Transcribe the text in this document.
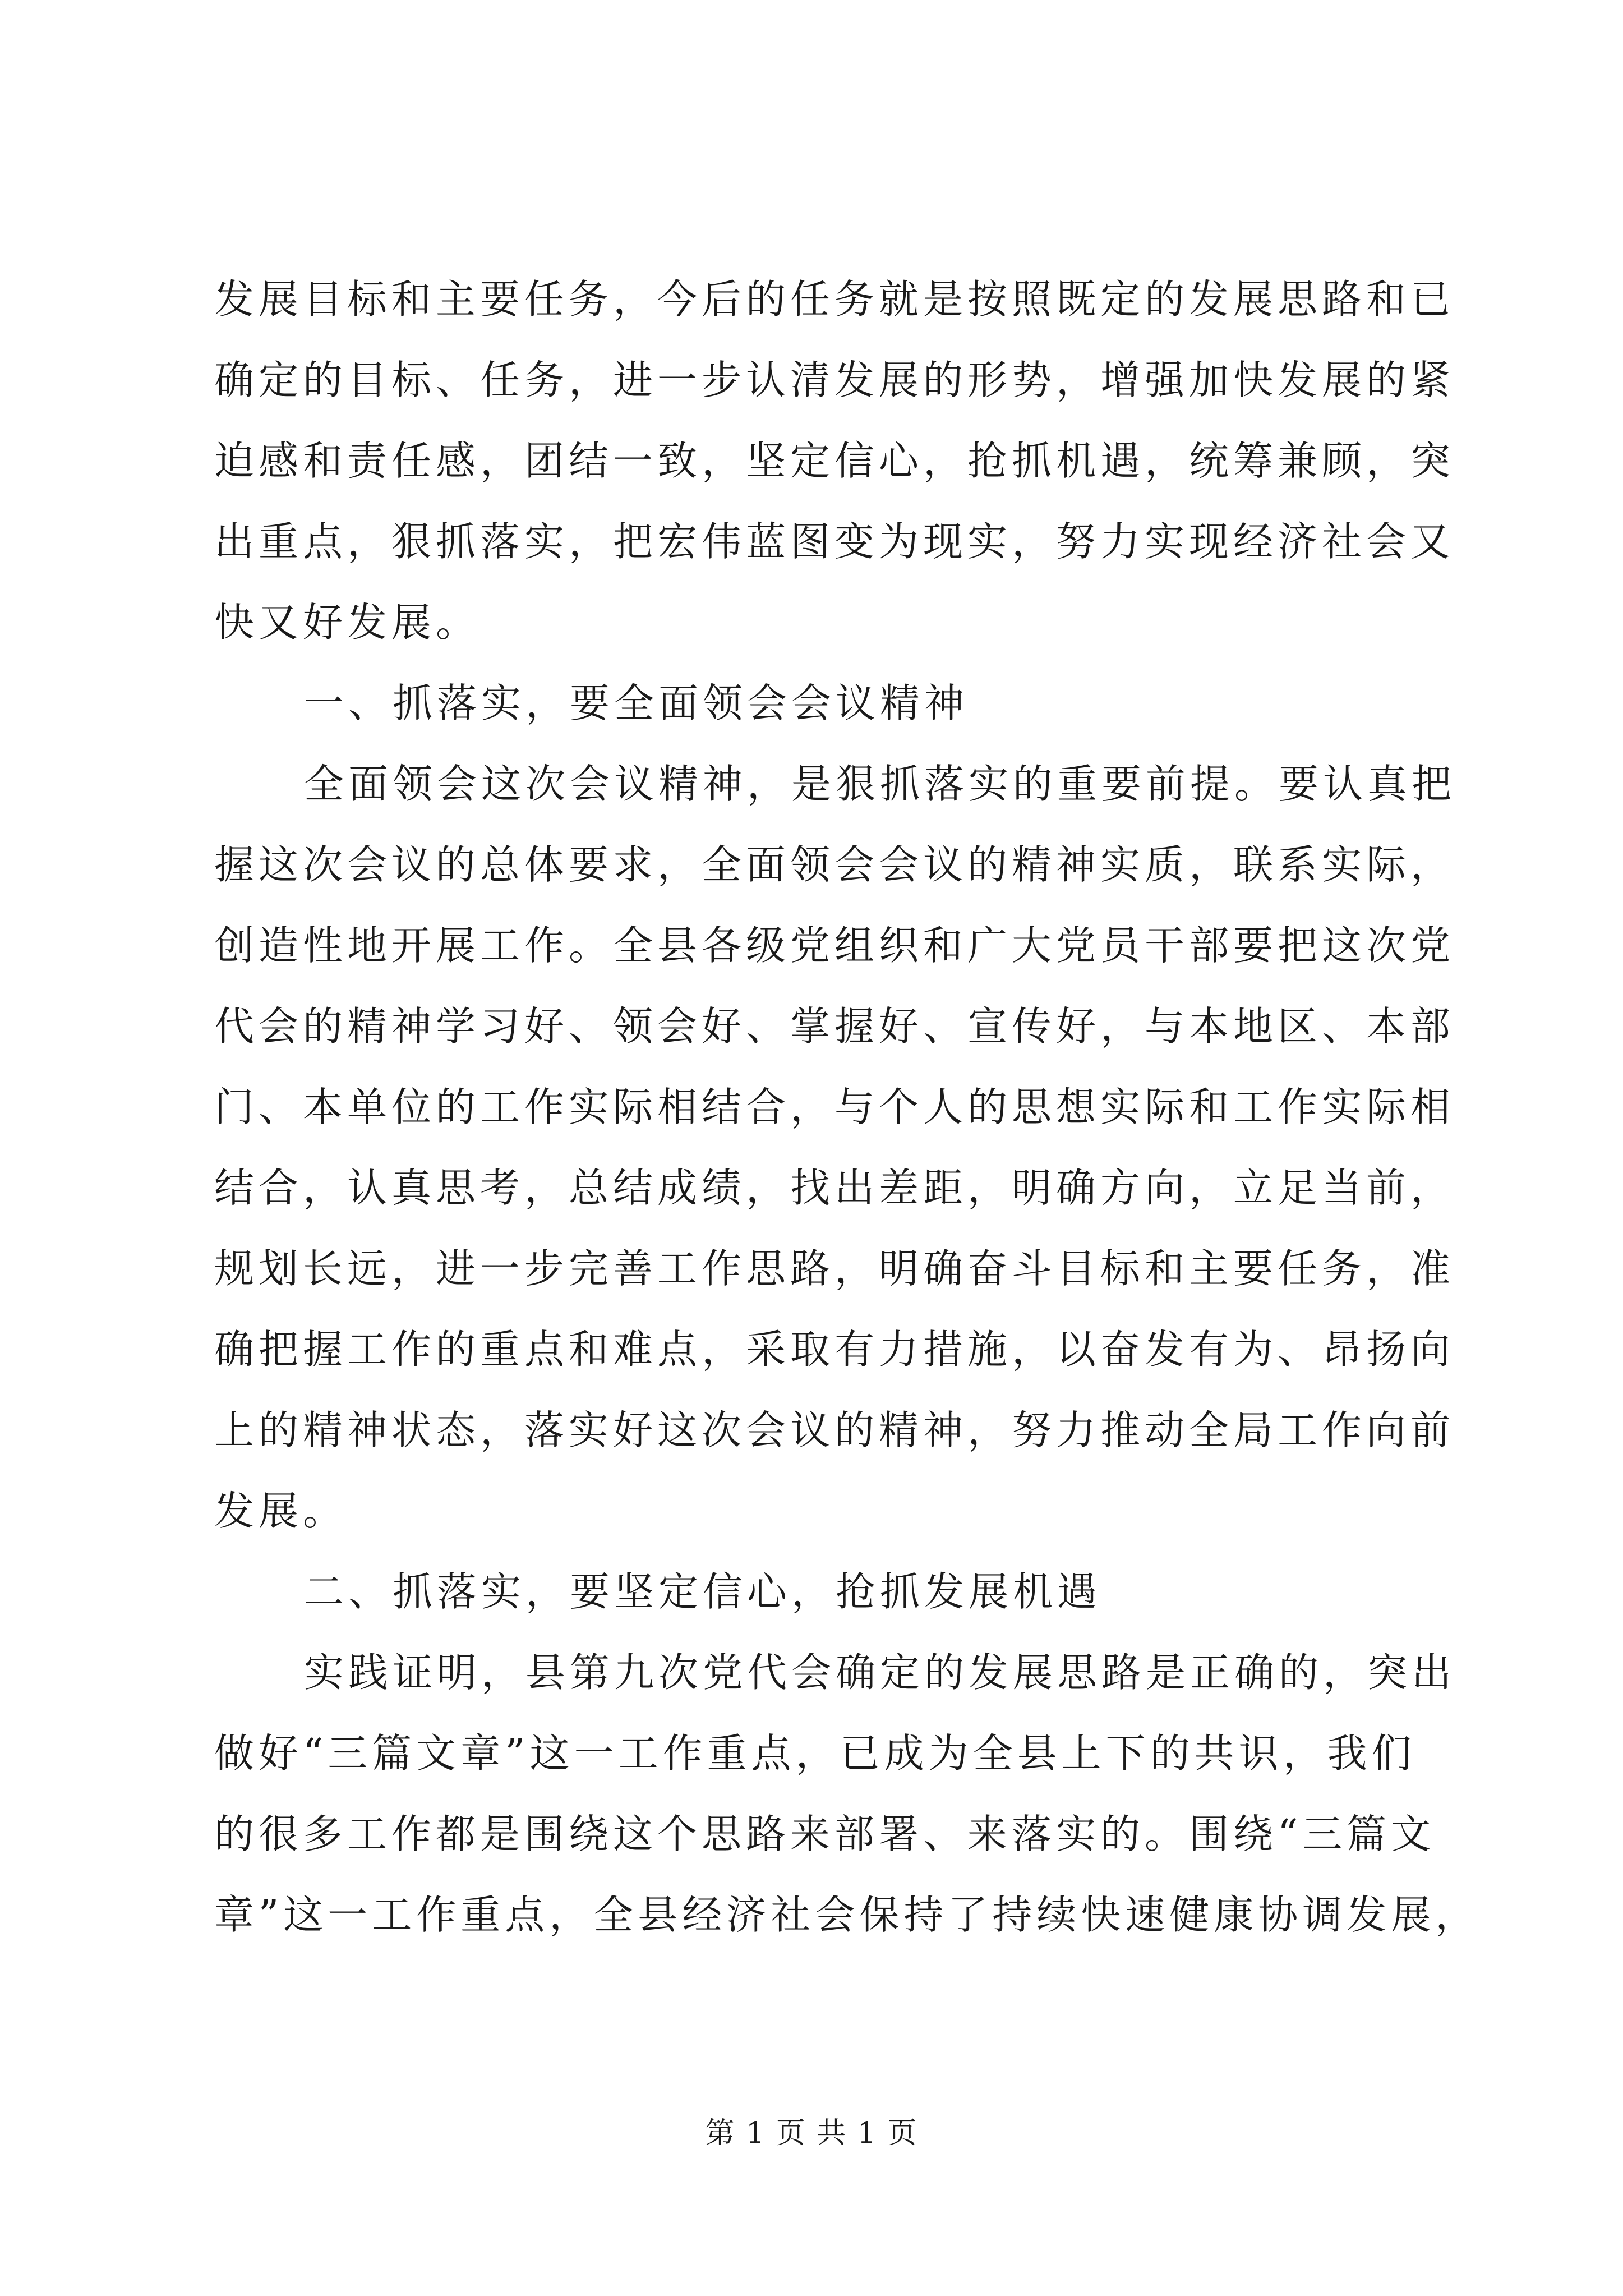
发展目标和主要任务，今后的任务就是按照既定的发展思路和已
确定的目标、任务，进一步认清发展的形势，增强加快发展的紧
迫感和责任感，团结一致，坚定信心，抢抓机遇，统筹兼顾，突
出重点，狠抓落实，把宏伟蓝图变为现实，努力实现经济社会又
快又好发展。
一、抓落实，要全面领会会议精神
全面领会这次会议精神，是狠抓落实的重要前提。要认真把
握这次会议的总体要求，全面领会会议的精神实质，联系实际，
创造性地开展工作。全县各级党组织和广大党员干部要把这次党
代会的精神学习好、领会好、掌握好、宣传好，与本地区、本部
门、本单位的工作实际相结合，与个人的思想实际和工作实际相
结合，认真思考，总结成绩，找出差距，明确方向，立足当前，
规划长远，进一步完善工作思路，明确奋斗目标和主要任务，准
确把握工作的重点和难点，采取有力措施，以奋发有为、昂扬向
上的精神状态，落实好这次会议的精神，努力推动全局工作向前
发展。
二、抓落实，要坚定信心，抢抓发展机遇
实践证明，县第九次党代会确定的发展思路是正确的，突出
做好“三篇文章”这一工作重点，已成为全县上下的共识，我们
的很多工作都是围绕这个思路来部署、来落实的。围绕“三篇文
章”这一工作重点，全县经济社会保持了持续快速健康协调发展，
第 1 页 共 1 页
